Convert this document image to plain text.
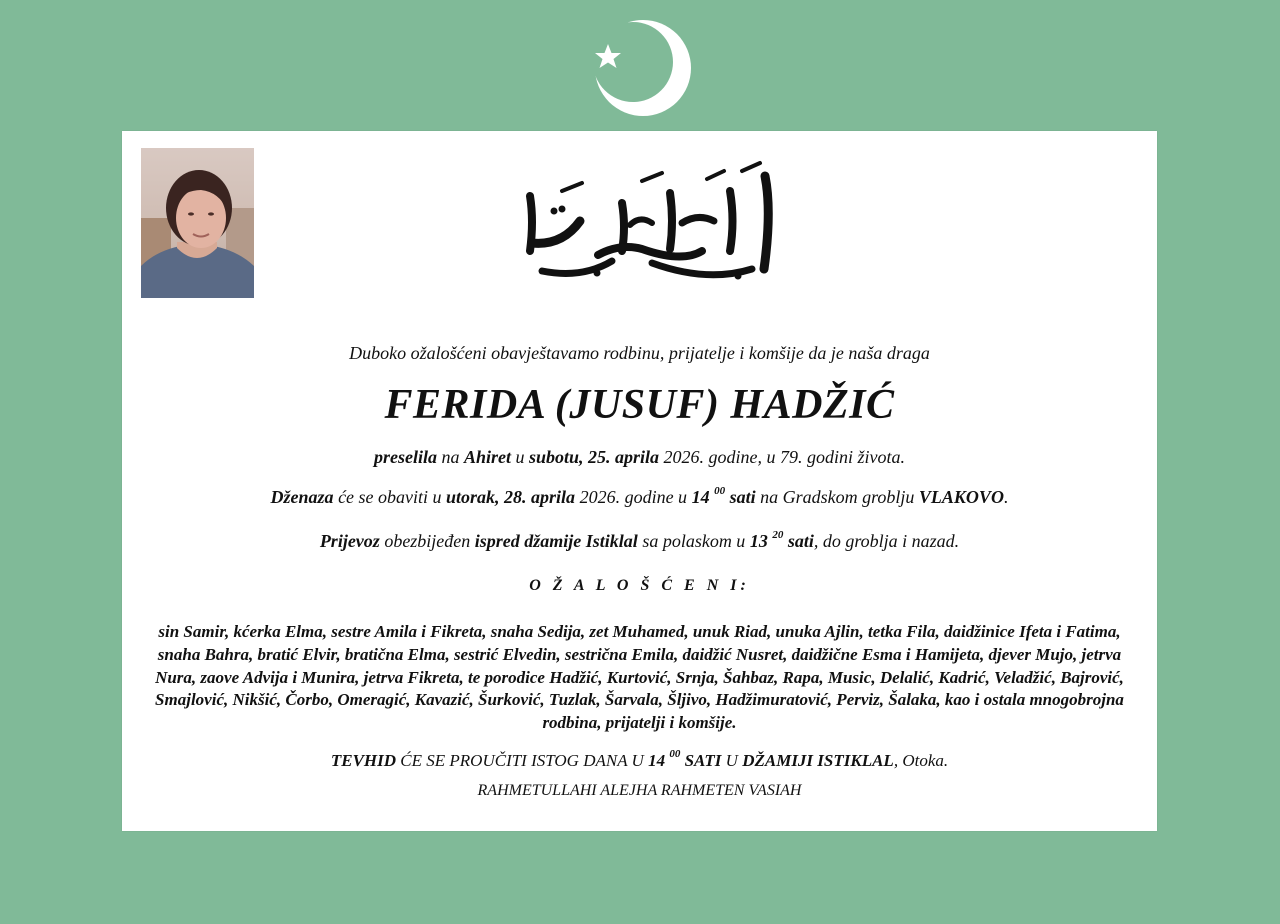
Duboko ožalošćeni obavještavamo rodbinu, prijatelje i komšije da je naša draga
FERIDA (JUSUF) HADŽIĆ
preselila na Ahiret u subotu, 25. aprila 2026. godine, u 79. godini života.
Dženaza će se obaviti u utorak, 28. aprila 2026. godine u 14 $^{00}$ sati na Gradskom groblju VLAKOVO.
Prijevoz obezbijeđen ispred džamije Istiklal sa polaskom u 13 $^{20}$ sati, do groblja i nazad.
O Ž A L O Š Ć E N I:

sin Samir, kćerka Elma, sestre Amila i Fikreta, snaha Sedija, zet Muhamed, unuk Riad, unuka Ajlin, tetka Fila, daidžinice Ifeta i Fatima, snaha Bahra, bratić Elvir, bratična Elma, sestrić Elvedin, sestrična Emila, daidžić Nusret, daidžične Esma i Hamijeta, djever Mujo, jetrva Nura, zaove Advija i Munira, jetrva Fikreta, te porodice Hadžić, Kurtović, Srnja, Šahbaz, Rapa, Music, Delalić, Kadrić, Veladžić, Bajrović, Smajlović, Nikšić, Čorbo, Omeragić, Kavazić, Šurković, Tuzlak, Šarvala, Šljivo, Hadžimuratović, Perviz, Šalaka, kao i ostala mnogobrojna rodbina, prijatelji i komšije.

TEVHID ĆE SE PROUČITI ISTOG DANA U 14 $^{00}$ SATI U DŽAMIJI ISTIKLAL, Otoka.
RAHMETULLAHI ALEJHA RAHMETEN VASIAH
